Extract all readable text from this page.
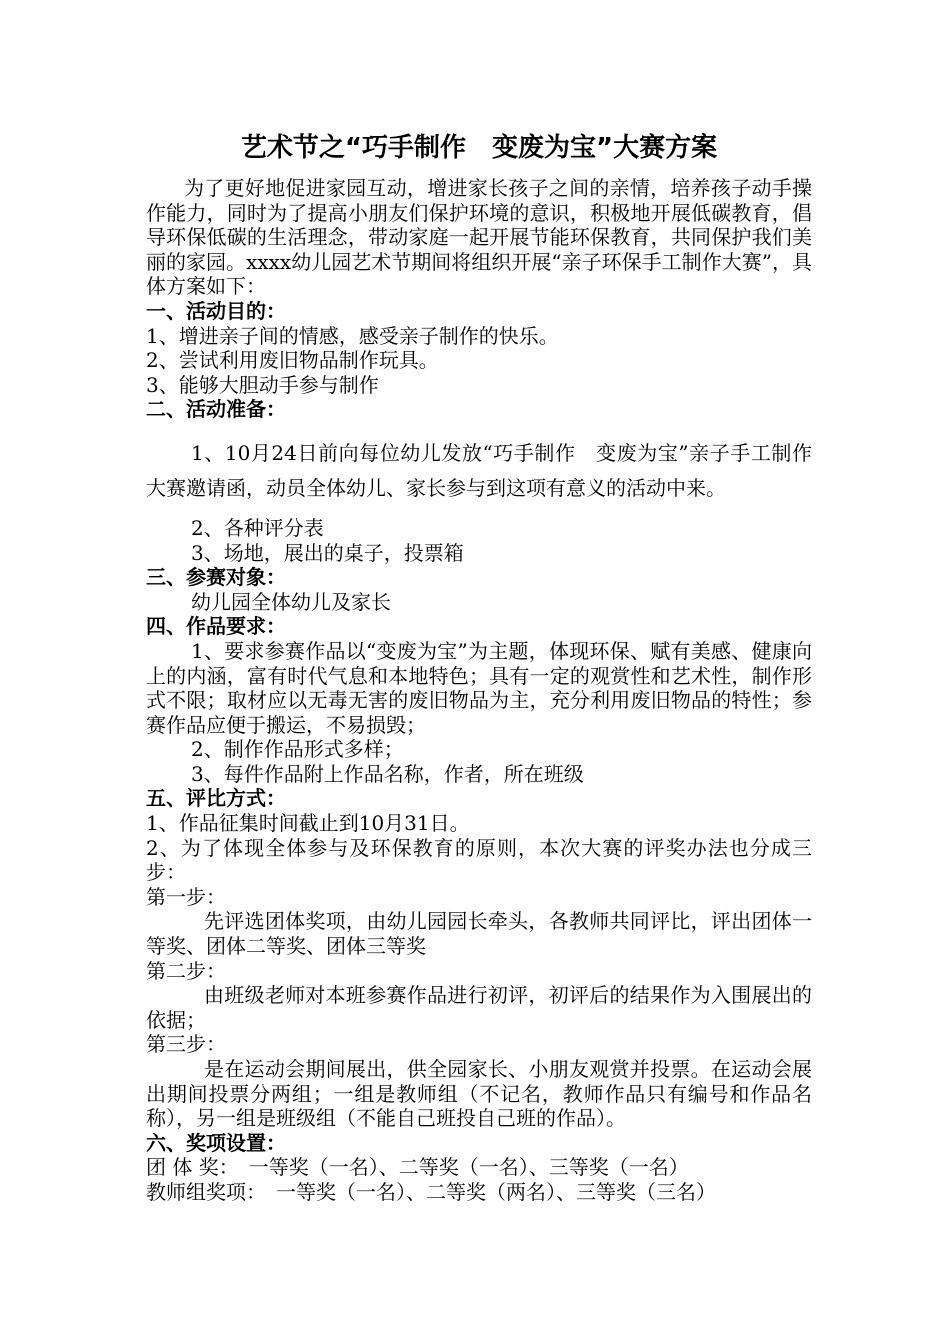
艺术节之“巧手制作　变废为宝”大赛方案

为了更好地促进家园互动，增进家长孩子之间的亲情，培养孩子动手操作能力，同时为了提高小朋友们保护环境的意识，积极地开展低碳教育，倡导环保低碳的生活理念，带动家庭一起开展节能环保教育，共同保护我们美丽的家园。xxxx幼儿园艺术节期间将组织开展“亲子环保手工制作大赛”，具体方案如下：

一、活动目的：

1、增进亲子间的情感，感受亲子制作的快乐。

2、尝试利用废旧物品制作玩具。

3、能够大胆动手参与制作

二、活动准备：

1、10月24日前向每位幼儿发放“巧手制作　变废为宝”亲子手工制作大赛邀请函，动员全体幼儿、家长参与到这项有意义的活动中来。

2、各种评分表

3、场地，展出的桌子，投票箱

三、参赛对象：

幼儿园全体幼儿及家长

四、作品要求：

1、要求参赛作品以“变废为宝”为主题，体现环保、赋有美感、健康向上的内涵，富有时代气息和本地特色；具有一定的观赏性和艺术性，制作形式不限；取材应以无毒无害的废旧物品为主，充分利用废旧物品的特性；参赛作品应便于搬运，不易损毁；

2、制作作品形式多样；

3、每件作品附上作品名称，作者，所在班级

五、评比方式：

1、作品征集时间截止到10月31日。

2、为了体现全体参与及环保教育的原则，本次大赛的评奖办法也分成三步：

第一步：

先评选团体奖项，由幼儿园园长牵头，各教师共同评比，评出团体一等奖、团体二等奖、团体三等奖

第二步：

由班级老师对本班参赛作品进行初评，初评后的结果作为入围展出的依据；

第三步：

是在运动会期间展出，供全园家长、小朋友观赏并投票。在运动会展出期间投票分两组；一组是教师组（不记名，教师作品只有编号和作品名称），另一组是班级组（不能自己班投自己班的作品）。

六、奖项设置：

团 体 奖：　一等奖（一名）、二等奖（一名）、三等奖（一名）

教师组奖项：　一等奖（一名）、二等奖（两名）、三等奖（三名）
